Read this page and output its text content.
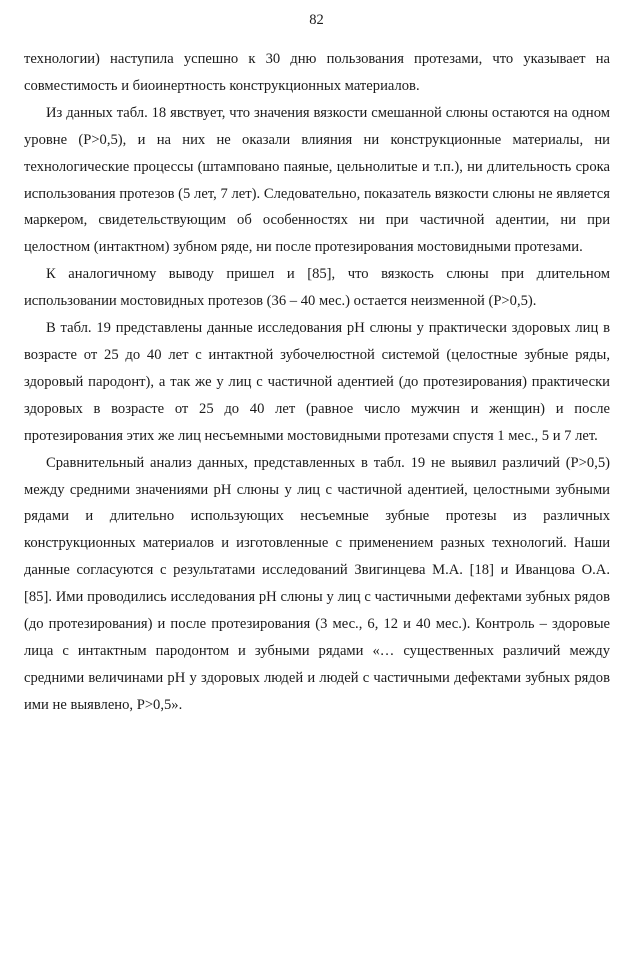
82

технологии) наступила успешно к 30 дню пользования протезами, что указывает на совместимость и биоинертность конструкционных материалов.

Из данных табл. 18 явствует, что значения вязкости смешанной слюны остаются на одном уровне (Р>0,5), и на них не оказали влияния ни конструкционные материалы, ни технологические процессы (штамповано паяные, цельнолитые и т.п.), ни длительность срока использования протезов (5 лет, 7 лет). Следовательно, показатель вязкости слюны не является маркером, свидетельствующим об особенностях ни при частичной адентии, ни при целостном (интактном) зубном ряде, ни после протезирования мостовидными протезами.

К аналогичному выводу пришел и [85], что вязкость слюны при длительном использовании мостовидных протезов (36 – 40 мес.) остается неизменной (Р>0,5).

В табл. 19 представлены данные исследования рН слюны у практически здоровых лиц в возрасте от 25 до 40 лет с интактной зубочелюстной системой (целостные зубные ряды, здоровый пародонт), а так же у лиц с частичной адентией (до протезирования) практически здоровых в возрасте от 25 до 40 лет (равное число мужчин и женщин) и после протезирования этих же лиц несъемными мостовидными протезами спустя 1 мес., 5 и 7 лет.

Сравнительный анализ данных, представленных в табл. 19 не выявил различий (Р>0,5) между средними значениями рН слюны у лиц с частичной адентией, целостными зубными рядами и длительно использующих несъемные зубные протезы из различных конструкционных материалов и изготовленные с применением разных технологий. Наши данные согласуются с результатами исследований Звигинцева М.А. [18] и Иванцова О.А. [85]. Ими проводились исследования рН слюны у лиц с частичными дефектами зубных рядов (до протезирования) и после протезирования (3 мес., 6, 12 и 40 мес.). Контроль – здоровые лица с интактным пародонтом и зубными рядами «… существенных различий между средними величинами рН у здоровых людей и людей с частичными дефектами зубных рядов ими не выявлено, Р>0,5».
